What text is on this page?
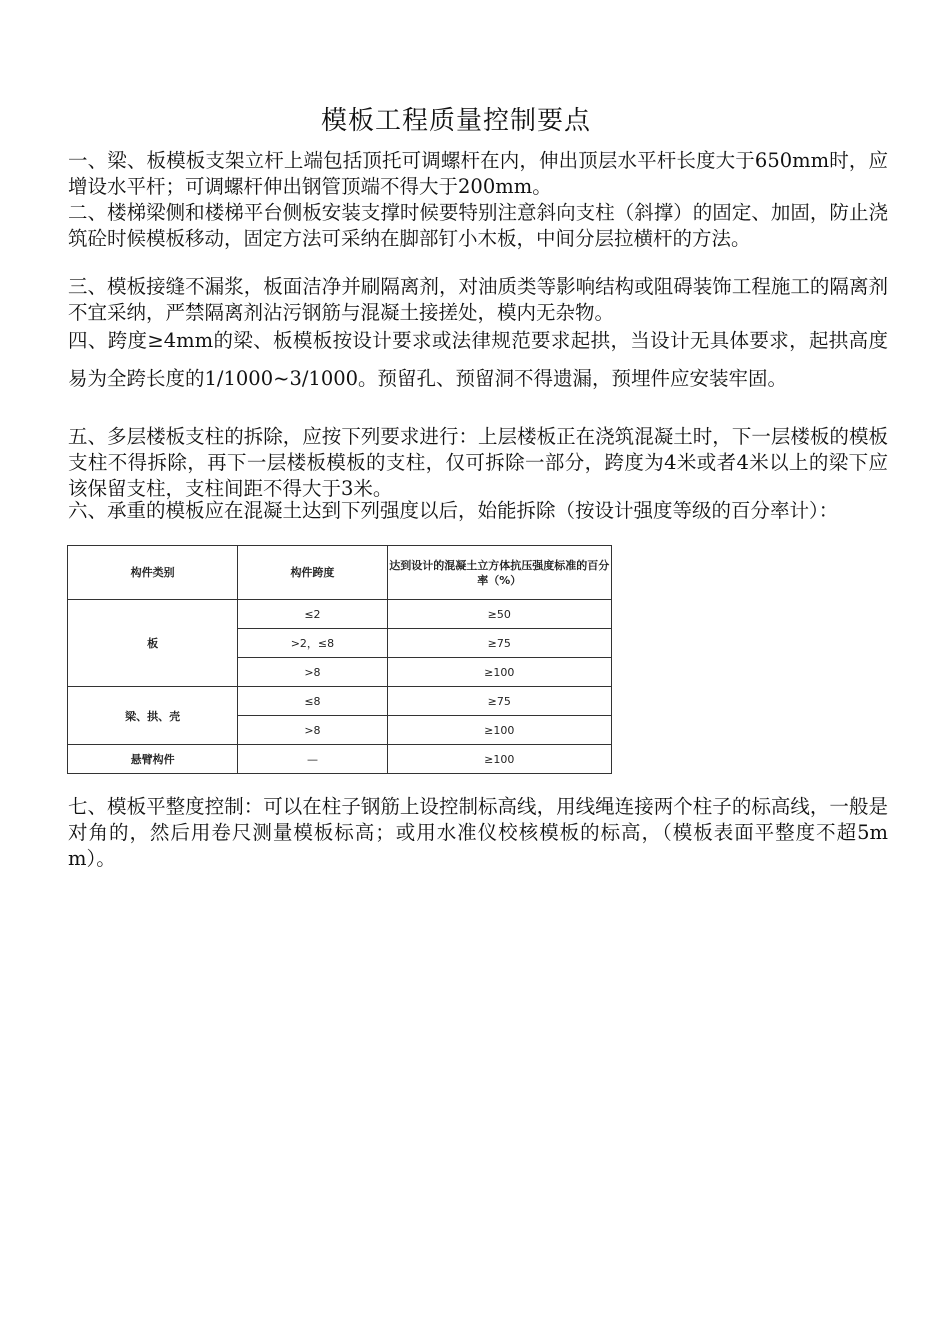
模板工程质量控制要点

一、梁、板模板支架立杆上端包括顶托可调螺杆在内，伸出顶层水平杆长度大于650mm时，应增设水平杆；可调螺杆伸出钢管顶端不得大于200mm。

二、楼梯梁侧和楼梯平台侧板安装支撑时候要特别注意斜向支柱（斜撑）的固定、加固，防止浇筑砼时候模板移动，固定方法可采纳在脚部钉小木板，中间分层拉横杆的方法。

三、模板接缝不漏浆，板面洁净并刷隔离剂，对油质类等影响结构或阻碍装饰工程施工的隔离剂不宜采纳，严禁隔离剂沾污钢筋与混凝土接搓处，模内无杂物。

四、跨度≥4mm的梁、板模板按设计要求或法律规范要求起拱，当设计无具体要求，起拱高度易为全跨长度的1/1000~3/1000。预留孔、预留洞不得遗漏，预埋件应安装牢固。

五、多层楼板支柱的拆除，应按下列要求进行：上层楼板正在浇筑混凝土时，下一层楼板的模板支柱不得拆除，再下一层楼板模板的支柱，仅可拆除一部分，跨度为4米或者4米以上的梁下应该保留支柱，支柱间距不得大于3米。

六、承重的模板应在混凝土达到下列强度以后，始能拆除（按设计强度等级的百分率计）：

构件类别	构件跨度	达到设计的混凝土立方体抗压强度标准的百分率（%）
板	≤2	≥50
	>2，≤8	≥75
	>8	≥100
梁、拱、壳	≤8	≥75
	>8	≥100
悬臂构件	—	≥100

七、模板平整度控制：可以在柱子钢筋上设控制标高线，用线绳连接两个柱子的标高线，一般是对角的，然后用卷尺测量模板标高；或用水准仪校核模板的标高，（模板表面平整度不超5mm）。
